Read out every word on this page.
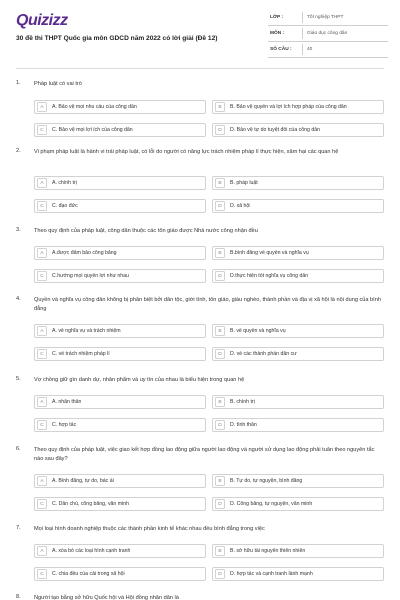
Quizizz
30 đề thi THPT Quốc gia môn GDCD năm 2022 có lời giải (Đề 12)
LỚP :	Tốt nghiệp THPT
MÔN :	Giáo dục công dân
SỐ CÂU :	40
1. Pháp luật có vai trò
A	A. Bảo vệ mọi nhu cầu của công dân	B	B. Bảo vệ quyền và lợi ích hợp pháp của công dân
C	C. Bảo vệ mọi lợi ích của công dân	D	D. Bảo vệ tự do tuyệt đối của công dân
2. Vi phạm pháp luật là hành vi trái pháp luật, có lỗi do người có năng lực trách nhiệm pháp lí thực hiện, xâm hại các quan hệ
A	A. chính trị	B	B. pháp luật
C	C. đạo đức	D	D. xã hội
3. Theo quy định của pháp luật, công dân thuộc các tôn giáo được Nhà nước công nhận đều
A	A.được đảm bảo công bằng	B	B.bình đẳng về quyền và nghĩa vụ
C	C.hưởng mọi quyền lợi như nhau	D	D.thực hiện tốt nghĩa vụ công dân
4. Quyền và nghĩa vụ công dân không bị phân biệt bởi dân tộc, giới tính, tôn giáo, giàu nghèo, thành phần và địa vị xã hội là nội dung của bình đẳng
A	A. về nghĩa vụ và trách nhiệm	B	B. về quyền và nghĩa vụ
C	C. về trách nhiệm pháp lí	D	D. về các thành phần dân cư
5. Vợ chồng giữ gìn danh dự, nhân phẩm và uy tín của nhau là biểu hiện trong quan hệ
A	A. nhân thân	B	B. chính trị
C	C. hợp tác	D	D. tình thân
6. Theo quy định của pháp luật, việc giao kết hợp đồng lao động giữa người lao động và người sử dụng lao động phải tuân theo nguyên tắc nào sau đây?
A	A. Bình đẳng, tự do, bác ái	B	B. Tự do, tự nguyện, bình đẳng
C	C. Dân chủ, công bằng, văn minh	D	D. Công bằng, tự nguyện, văn minh
7. Mọi loại hình doanh nghiệp thuộc các thành phần kinh tế khác nhau đều bình đẳng trong việc
A	A. xóa bỏ các loại hình cạnh tranh	B	B. sở hữu tài nguyên thiên nhiên
C	C. chia đều của cải trong xã hội	D	D. hợp tác và cạnh tranh lành mạnh
8. Người tạo bằng sở hữu Quốc hội và Hội đồng nhân dân là
